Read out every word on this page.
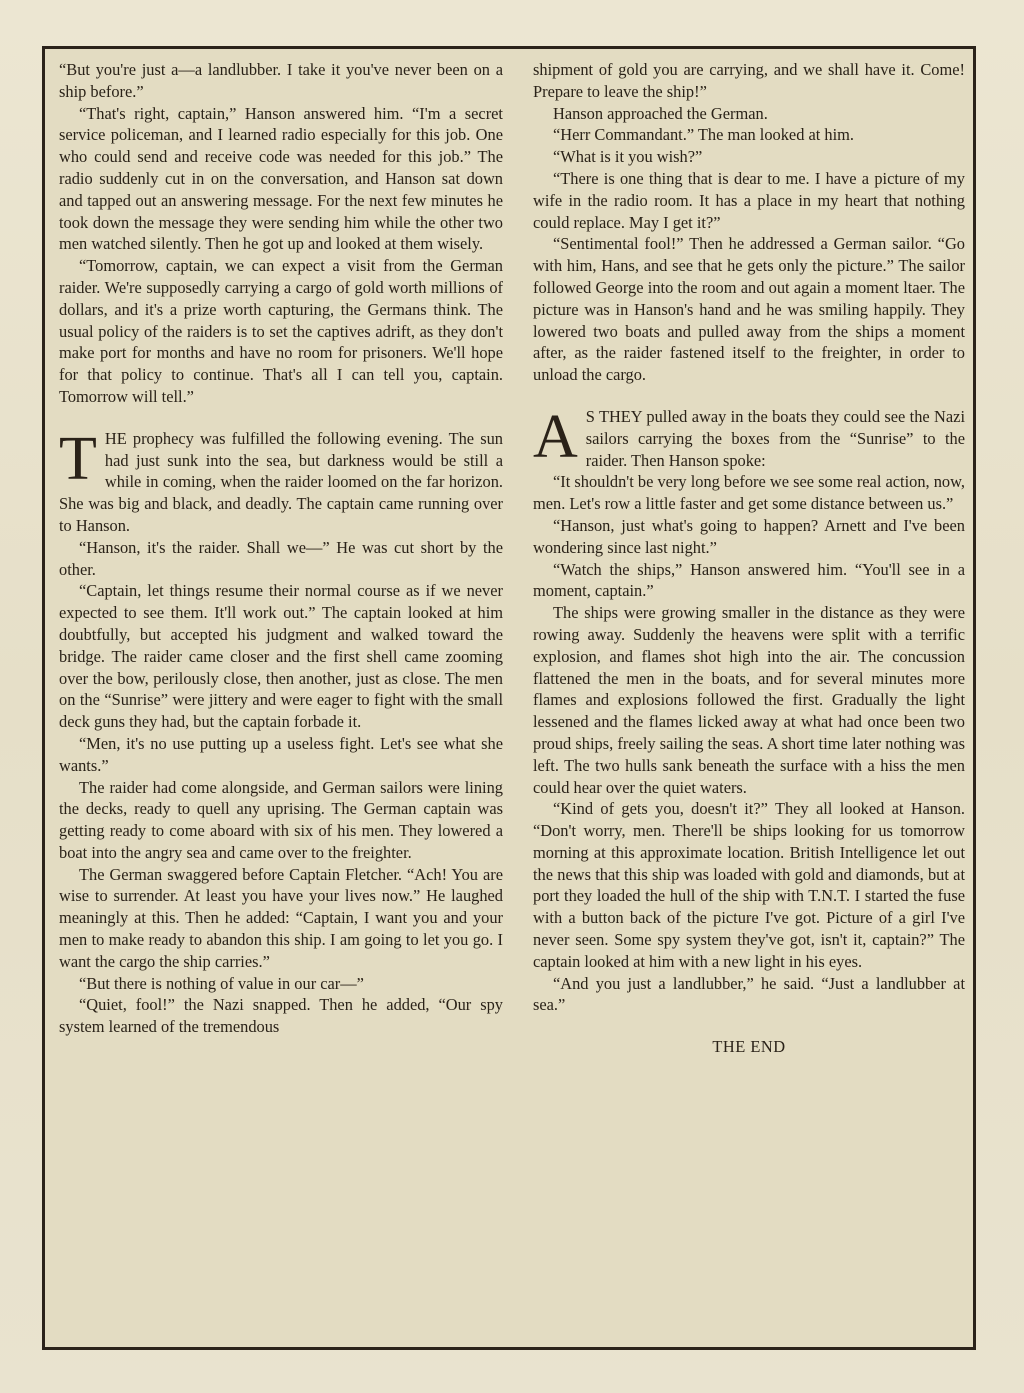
“But you're just a—a landlubber. I take it you've never been on a ship before.”

“That's right, captain,” Hanson answered him. “I'm a secret service policeman, and I learned radio especially for this job. One who could send and receive code was needed for this job.” The radio suddenly cut in on the conversation, and Hanson sat down and tapped out an answering message. For the next few minutes he took down the message they were sending him while the other two men watched silently. Then he got up and looked at them wisely.

“Tomorrow, captain, we can expect a visit from the German raider. We're supposedly carrying a cargo of gold worth millions of dollars, and it's a prize worth capturing, the Germans think. The usual policy of the raiders is to set the captives adrift, as they don't make port for months and have no room for prisoners. We'll hope for that policy to continue. That's all I can tell you, captain. Tomorrow will tell.”

THE prophecy was fulfilled the following evening. The sun had just sunk into the sea, but darkness would be still a while in coming, when the raider loomed on the far horizon. She was big and black, and deadly. The captain came running over to Hanson.

“Hanson, it's the raider. Shall we—” He was cut short by the other.

“Captain, let things resume their normal course as if we never expected to see them. It'll work out.” The captain looked at him doubtfully, but accepted his judgment and walked toward the bridge. The raider came closer and the first shell came zooming over the bow, perilously close, then another, just as close. The men on the “Sunrise” were jittery and were eager to fight with the small deck guns they had, but the captain forbade it.

“Men, it's no use putting up a useless fight. Let's see what she wants.”

The raider had come alongside, and German sailors were lining the decks, ready to quell any uprising. The German captain was getting ready to come aboard with six of his men. They lowered a boat into the angry sea and came over to the freighter.

The German swaggered before Captain Fletcher. “Ach! You are wise to surrender. At least you have your lives now.” He laughed meaningly at this. Then he added: “Captain, I want you and your men to make ready to abandon this ship. I am going to let you go. I want the cargo the ship carries.”

“But there is nothing of value in our car—”

“Quiet, fool!” the Nazi snapped. Then he added, “Our spy system learned of the tremendous

shipment of gold you are carrying, and we shall have it. Come! Prepare to leave the ship!”

Hanson approached the German.

“Herr Commandant.” The man looked at him.

“What is it you wish?”

“There is one thing that is dear to me. I have a picture of my wife in the radio room. It has a place in my heart that nothing could replace. May I get it?”

“Sentimental fool!” Then he addressed a German sailor. “Go with him, Hans, and see that he gets only the picture.” The sailor followed George into the room and out again a moment ltaer. The picture was in Hanson's hand and he was smiling happily. They lowered two boats and pulled away from the ships a moment after, as the raider fastened itself to the freighter, in order to unload the cargo.

A S THEY pulled away in the boats they could see the Nazi sailors carrying the boxes from the “Sunrise” to the raider. Then Hanson spoke:

“It shouldn't be very long before we see some real action, now, men. Let's row a little faster and get some distance between us.”

“Hanson, just what's going to happen? Arnett and I've been wondering since last night.”

“Watch the ships,” Hanson answered him. “You'll see in a moment, captain.”

The ships were growing smaller in the distance as they were rowing away. Suddenly the heavens were split with a terrific explosion, and flames shot high into the air. The concussion flattened the men in the boats, and for several minutes more flames and explosions followed the first. Gradually the light lessened and the flames licked away at what had once been two proud ships, freely sailing the seas. A short time later nothing was left. The two hulls sank beneath the surface with a hiss the men could hear over the quiet waters.

“Kind of gets you, doesn't it?” They all looked at Hanson. “Don't worry, men. There'll be ships looking for us tomorrow morning at this approximate location. British Intelligence let out the news that this ship was loaded with gold and diamonds, but at port they loaded the hull of the ship with T.N.T. I started the fuse with a button back of the picture I've got. Picture of a girl I've never seen. Some spy system they've got, isn't it, captain?” The captain looked at him with a new light in his eyes.

“And you just a landlubber,” he said. “Just a landlubber at sea.”

THE END
